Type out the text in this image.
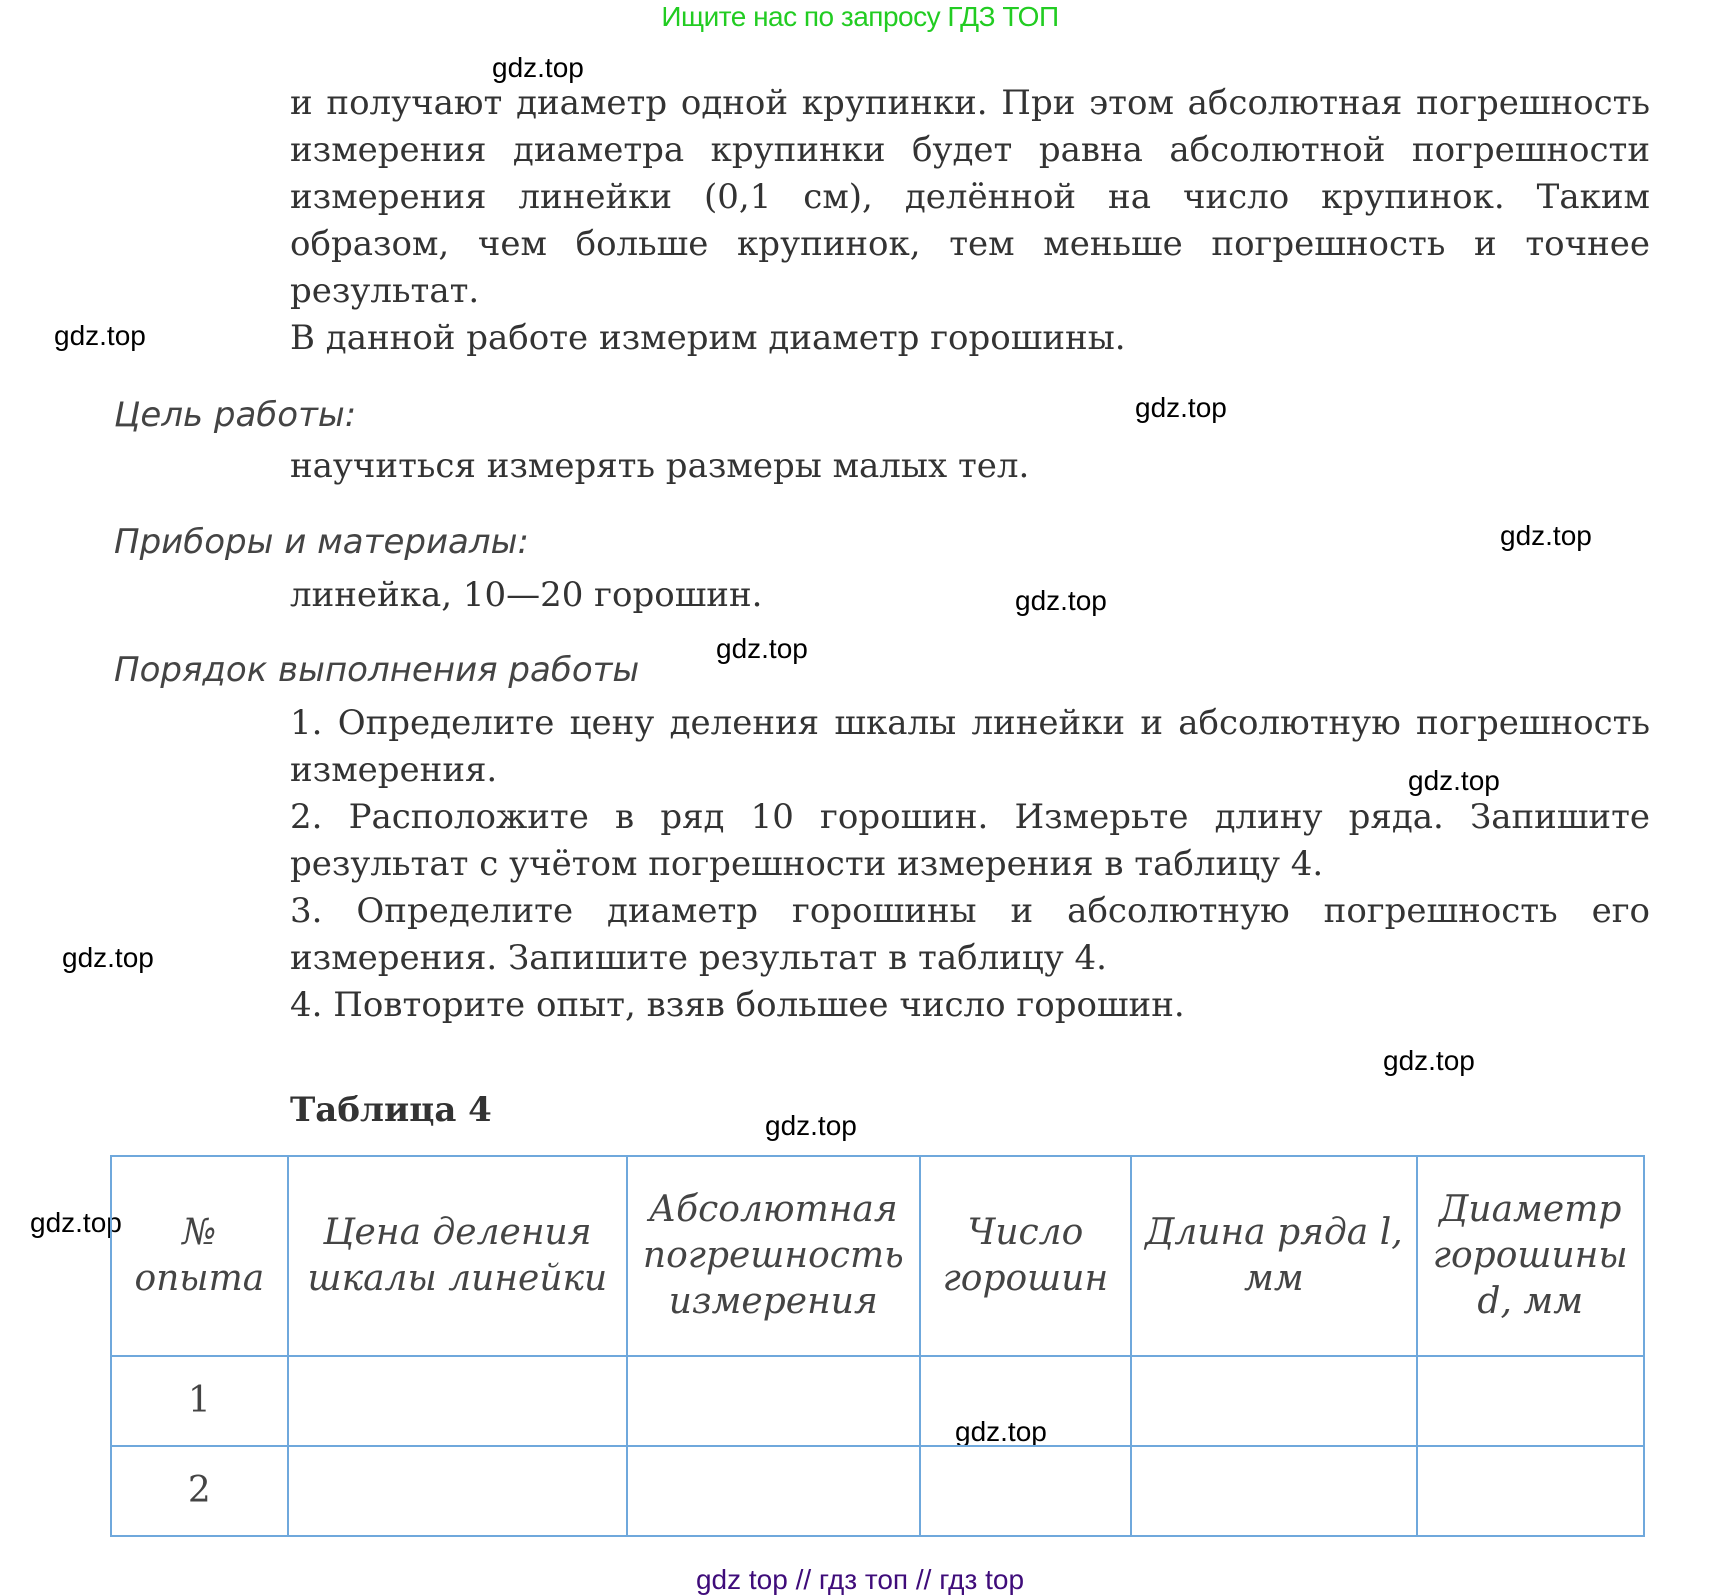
Ищите нас по запросу ГДЗ ТОП
gdz.top
gdz.top
gdz.top
gdz.top
gdz.top
gdz.top
gdz.top
gdz.top
gdz.top
gdz.top
gdz.top
gdz.top

и получают диаметр одной крупинки. При этом абсолютная погрешность измерения диаметра крупинки будет равна абсолютной погрешности измерения линейки (0,1 см), делённой на число крупинок. Таким образом, чем больше крупинок, тем меньше погрешность и точнее результат.

В данной работе измерим диаметр горошины.

Цель работы:
научиться измерять размеры малых тел.
Приборы и материалы:
линейка, 10—20 горошин.
Порядок выполнения работы

1. Определите цену деления шкалы линейки и абсолютную погрешность измерения.

2. Расположите в ряд 10 горошин. Измерьте длину ряда. Запишите результат с учётом погрешности измерения в таблицу 4.

3. Определите диаметр горошины и абсолютную погрешность его измерения. Запишите результат в таблицу 4.

4. Повторите опыт, взяв большее число горошин.

Таблица 4
№ опыта	Цена деления шкалы линейки	Абсолютная погрешность измерения	Число горошин	Длина ряда l, мм	Диаметр горошины d, мм
1					
2					
gdz top // гдз топ // гдз top
